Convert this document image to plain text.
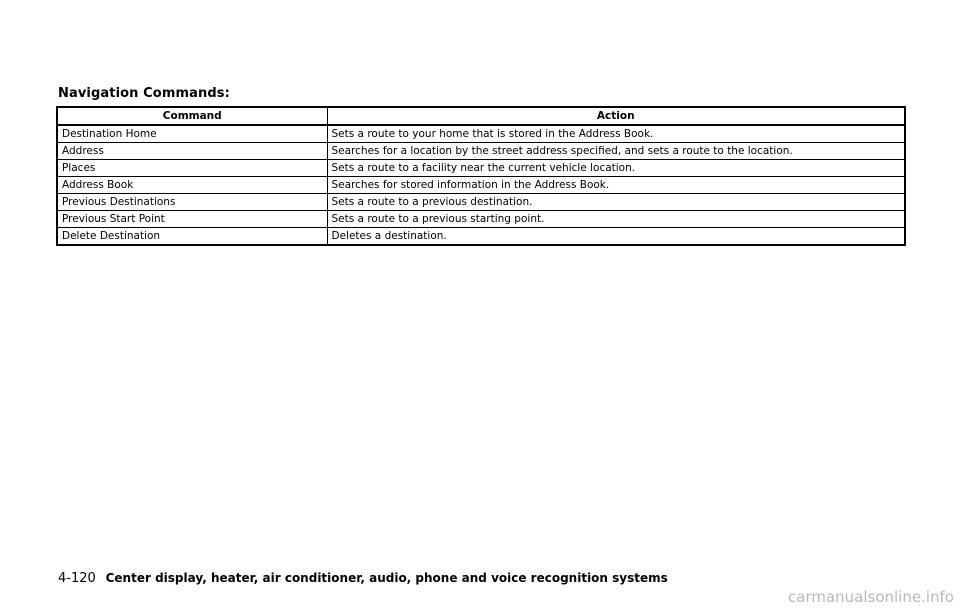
Navigation Commands:
Command	Action
Destination Home	Sets a route to your home that is stored in the Address Book.
Address	Searches for a location by the street address specified, and sets a route to the location.
Places	Sets a route to a facility near the current vehicle location.
Address Book	Searches for stored information in the Address Book.
Previous Destinations	Sets a route to a previous destination.
Previous Start Point	Sets a route to a previous starting point.
Delete Destination	Deletes a destination.
4-120 Center display, heater, air conditioner, audio, phone and voice recognition systems
carmanualsonline.info
